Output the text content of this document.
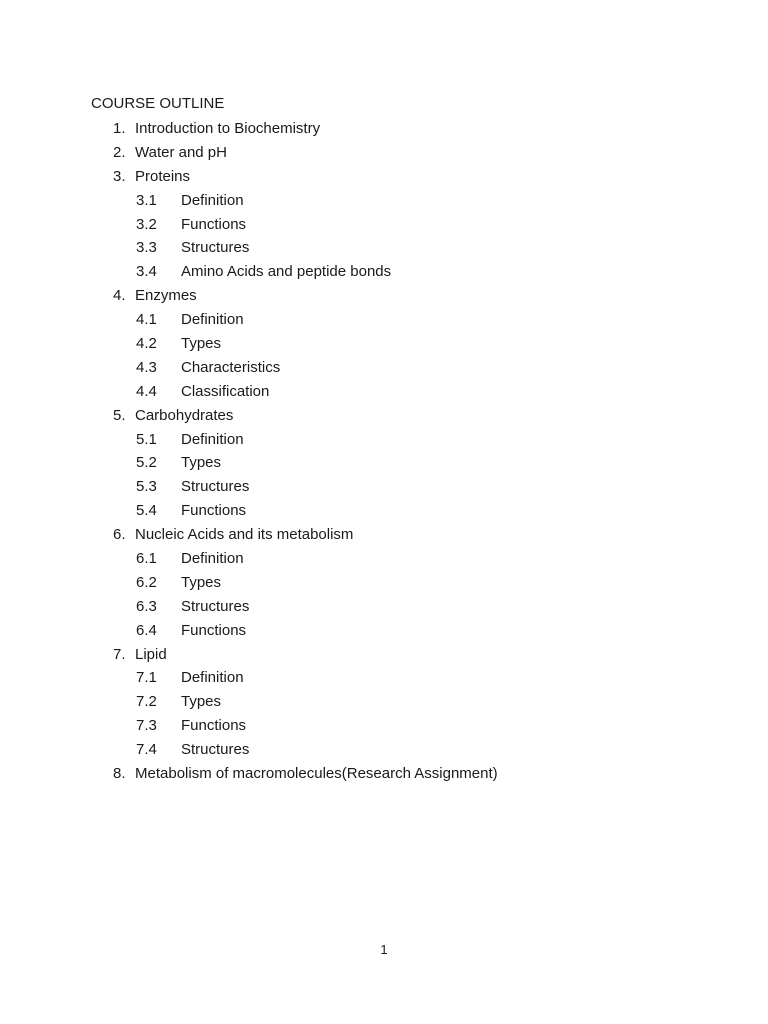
COURSE OUTLINE
1. Introduction to Biochemistry
2. Water and pH
3. Proteins
3.1	Definition
3.2	Functions
3.3	Structures
3.4	Amino Acids and peptide bonds
4. Enzymes
4.1	Definition
4.2	Types
4.3	Characteristics
4.4	Classification
5. Carbohydrates
5.1	Definition
5.2	Types
5.3	Structures
5.4	Functions
6. Nucleic Acids and its metabolism
6.1	Definition
6.2	Types
6.3	Structures
6.4	Functions
7. Lipid
7.1	Definition
7.2	Types
7.3	Functions
7.4	Structures
8. Metabolism of macromolecules(Research Assignment)
1
